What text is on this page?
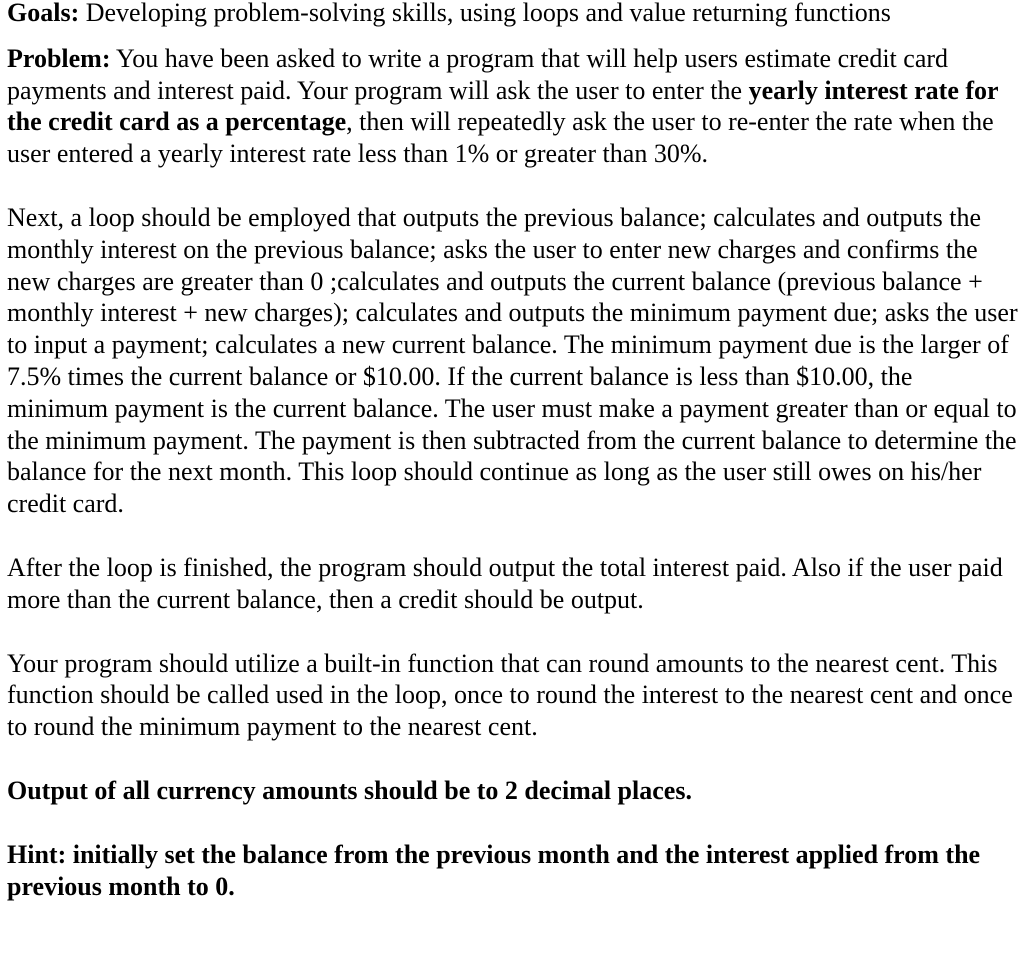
Goals: Developing problem-solving skills, using loops and value returning functions

Problem: You have been asked to write a program that will help users estimate credit card payments and interest paid. Your program will ask the user to enter the yearly interest rate for the credit card as a percentage, then will repeatedly ask the user to re-enter the rate when the user entered a yearly interest rate less than 1% or greater than 30%.

Next, a loop should be employed that outputs the previous balance; calculates and outputs the monthly interest on the previous balance; asks the user to enter new charges and confirms the new charges are greater than 0 ;calculates and outputs the current balance (previous balance + monthly interest + new charges); calculates and outputs the minimum payment due; asks the user to input a payment; calculates a new current balance. The minimum payment due is the larger of 7.5% times the current balance or $10.00. If the current balance is less than $10.00, the minimum payment is the current balance. The user must make a payment greater than or equal to the minimum payment. The payment is then subtracted from the current balance to determine the balance for the next month. This loop should continue as long as the user still owes on his/her credit card.

After the loop is finished, the program should output the total interest paid. Also if the user paid more than the current balance, then a credit should be output.

Your program should utilize a built-in function that can round amounts to the nearest cent. This function should be called used in the loop, once to round the interest to the nearest cent and once to round the minimum payment to the nearest cent.

Output of all currency amounts should be to 2 decimal places.

Hint: initially set the balance from the previous month and the interest applied from the previous month to 0.
